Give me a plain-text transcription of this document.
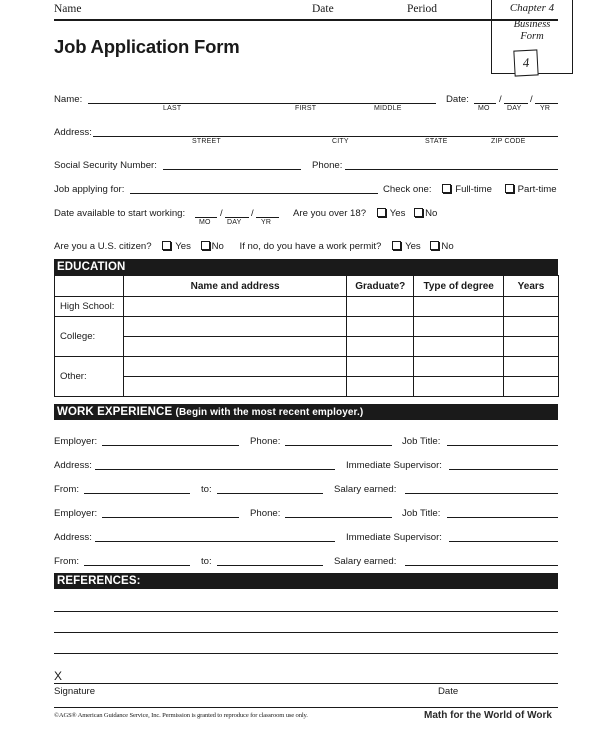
Name	Date	Period	Chapter 4
Business
Form
4
Job Application Form
Name:
LAST	FIRST	MIDDLE
Date:	/	/
MO DAY	YR
Address:
STREET	CITY	STATE	ZIP CODE
Social Security Number:	Phone:
Job applying for:	Check one: Full-time	Part-time
Date available to start working:	/	/
MO DAY	YR
Are you over 18? Yes No
Are you a U.S. citizen? Yes No If no, do you have a work permit? Yes No
EDUCATION
	Name and address	Graduate?	Type of degree	Years
High School:				
College:				

Other:				

WORK EXPERIENCE (Begin with the most recent employer.)
Employer:	Phone:	Job Title:
Address:	Immediate Supervisor:
From:	to:	Salary earned:
Employer:	Phone:	Job Title:
Address:	Immediate Supervisor:
From:	to:	Salary earned:
REFERENCES:
X
Signature	Date
©AGS® American Guidance Service, Inc. Permission is granted to reproduce for classroom use only.	Math for the World of Work
